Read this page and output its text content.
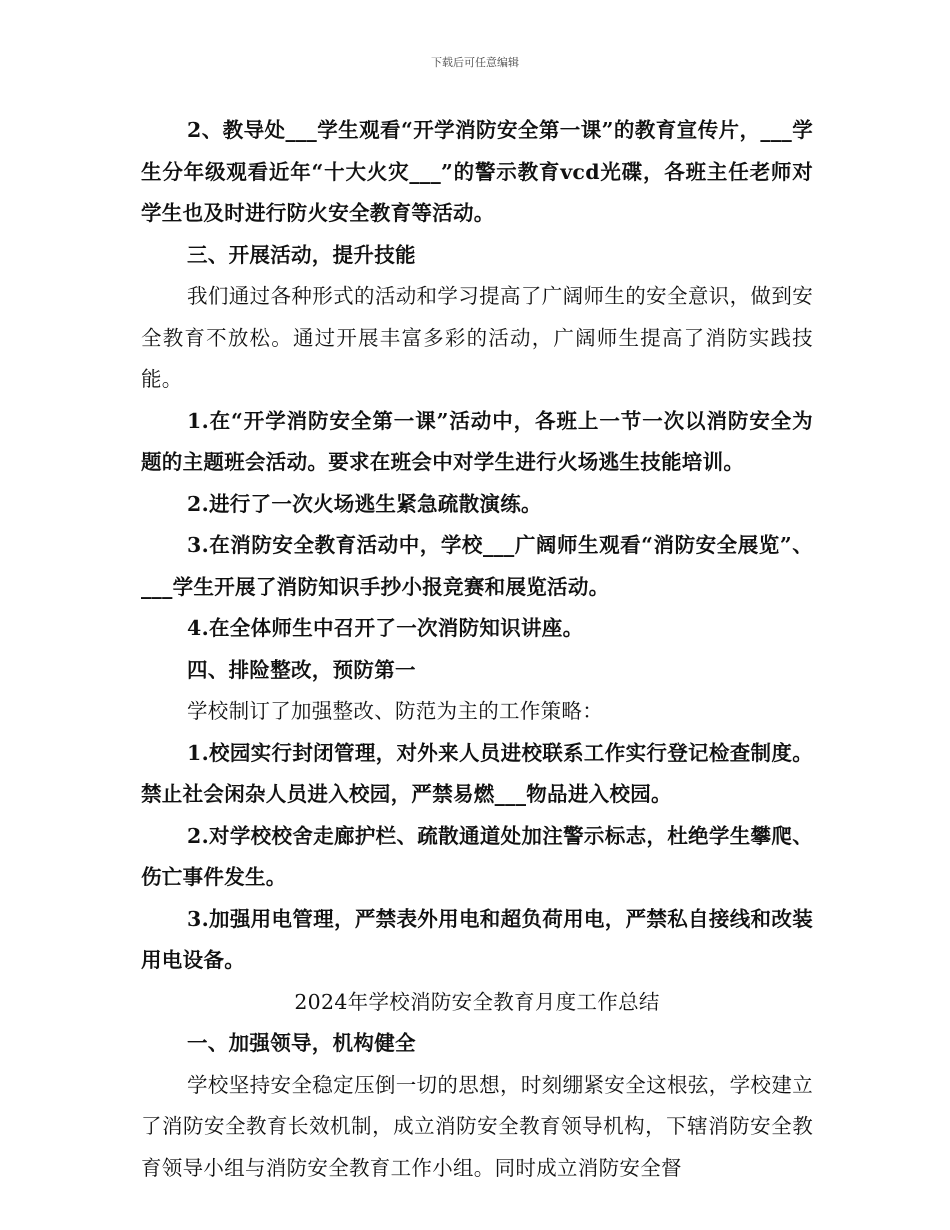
下载后可任意编辑

2、教导处___学生观看“开学消防安全第一课”的教育宣传片，___学生分年级观看近年“十大火灾___”的警示教育vcd光碟，各班主任老师对学生也及时进行防火安全教育等活动。

三、开展活动，提升技能

我们通过各种形式的活动和学习提高了广阔师生的安全意识，做到安全教育不放松。通过开展丰富多彩的活动，广阔师生提高了消防实践技能。

1.在“开学消防安全第一课”活动中，各班上一节一次以消防安全为题的主题班会活动。要求在班会中对学生进行火场逃生技能培训。

2.进行了一次火场逃生紧急疏散演练。

3.在消防安全教育活动中，学校___广阔师生观看“消防安全展览”、___学生开展了消防知识手抄小报竞赛和展览活动。

4.在全体师生中召开了一次消防知识讲座。

四、排险整改，预防第一

学校制订了加强整改、防范为主的工作策略：

1.校园实行封闭管理，对外来人员进校联系工作实行登记检查制度。禁止社会闲杂人员进入校园，严禁易燃___物品进入校园。

2.对学校校舍走廊护栏、疏散通道处加注警示标志，杜绝学生攀爬、伤亡事件发生。

3.加强用电管理，严禁表外用电和超负荷用电，严禁私自接线和改装用电设备。

2024年学校消防安全教育月度工作总结

一、加强领导，机构健全

学校坚持安全稳定压倒一切的思想，时刻绷紧安全这根弦，学校建立了消防安全教育长效机制，成立消防安全教育领导机构，下辖消防安全教育领导小组与消防安全教育工作小组。同时成立消防安全督
